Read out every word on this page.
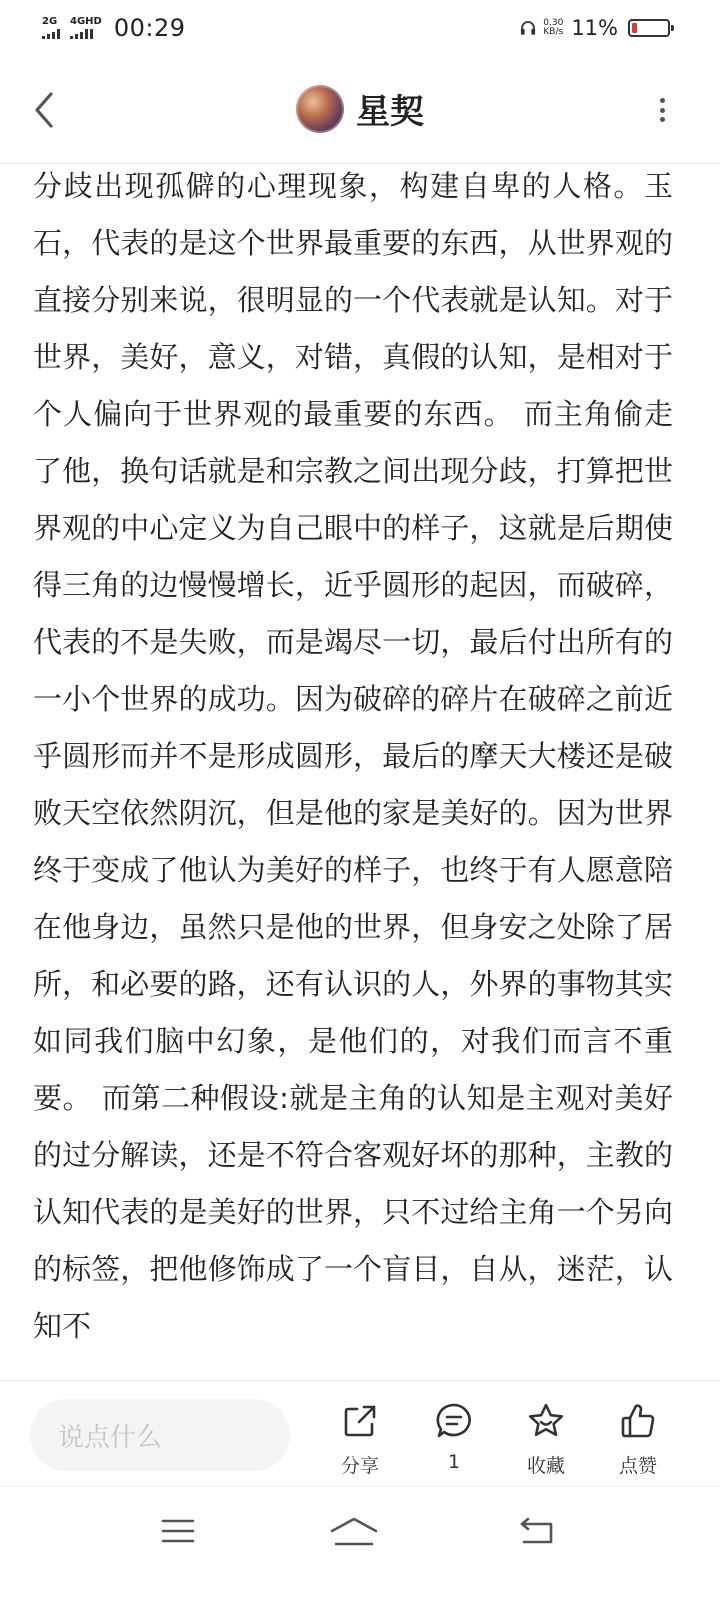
2G 4GHD 00:29	0.30
KB/s 11%
星契

分歧出现孤僻的心理现象，构建自卑的人格。玉石，代表的是这个世界最重要的东西，从世界观的直接分别来说，很明显的一个代表就是认知。对于世界，美好，意义，对错，真假的认知，是相对于个人偏向于世界观的最重要的东西。 而主角偷走了他，换句话就是和宗教之间出现分歧，打算把世界观的中心定义为自己眼中的样子，这就是后期使得三角的边慢慢增长，近乎圆形的起因，而破碎，代表的不是失败，而是竭尽一切，最后付出所有的一小个世界的成功。因为破碎的碎片在破碎之前近乎圆形而并不是形成圆形，最后的摩天大楼还是破败天空依然阴沉，但是他的家是美好的。因为世界终于变成了他认为美好的样子，也终于有人愿意陪在他身边，虽然只是他的世界，但身安之处除了居所，和必要的路，还有认识的人，外界的事物其实如同我们脑中幻象，是他们的，对我们而言不重要。 而第二种假设:就是主角的认知是主观对美好的过分解读，还是不符合客观好坏的那种，主教的认知代表的是美好的世界，只不过给主角一个另向的标签，把他修饰成了一个盲目，自从，迷茫，认知不

说点什么
分享	1	收藏	点赞
